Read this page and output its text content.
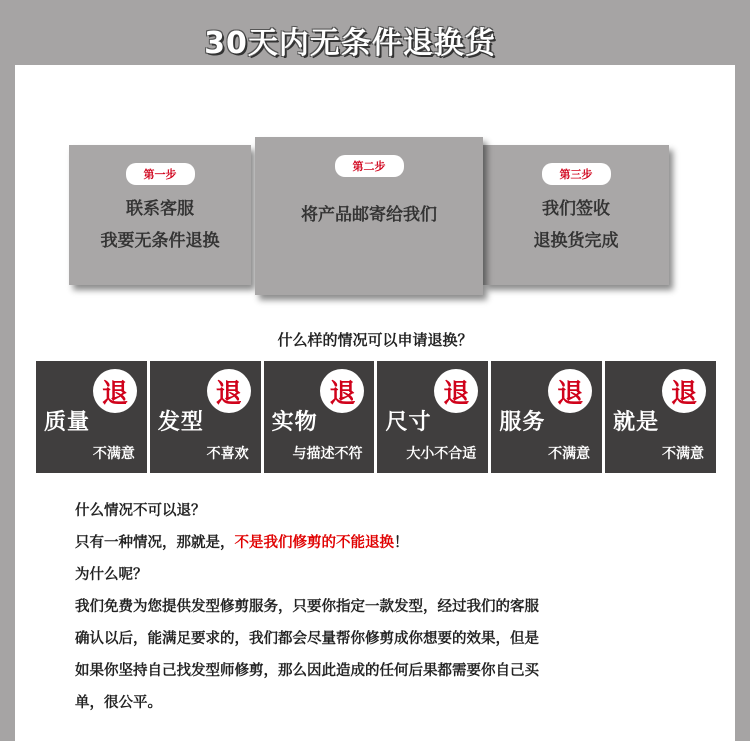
30天内无条件退换货
第一步
联系客服
我要无条件退换
第二步
将产品邮寄给我们
第三步
我们签收
退换货完成
什么样的情况可以申请退换？
退
质量
不满意
退
发型
不喜欢
退
实物
与描述不符
退
尺寸
大小不合适
退
服务
不满意
退
就是
不满意

什么情况不可以退？

只有一种情况，那就是，不是我们修剪的不能退换！

为什么呢？

我们免费为您提供发型修剪服务，只要你指定一款发型，经过我们的客服

确认以后，能满足要求的，我们都会尽量帮你修剪成你想要的效果，但是

如果你坚持自己找发型师修剪，那么因此造成的任何后果都需要你自己买

单，很公平。
